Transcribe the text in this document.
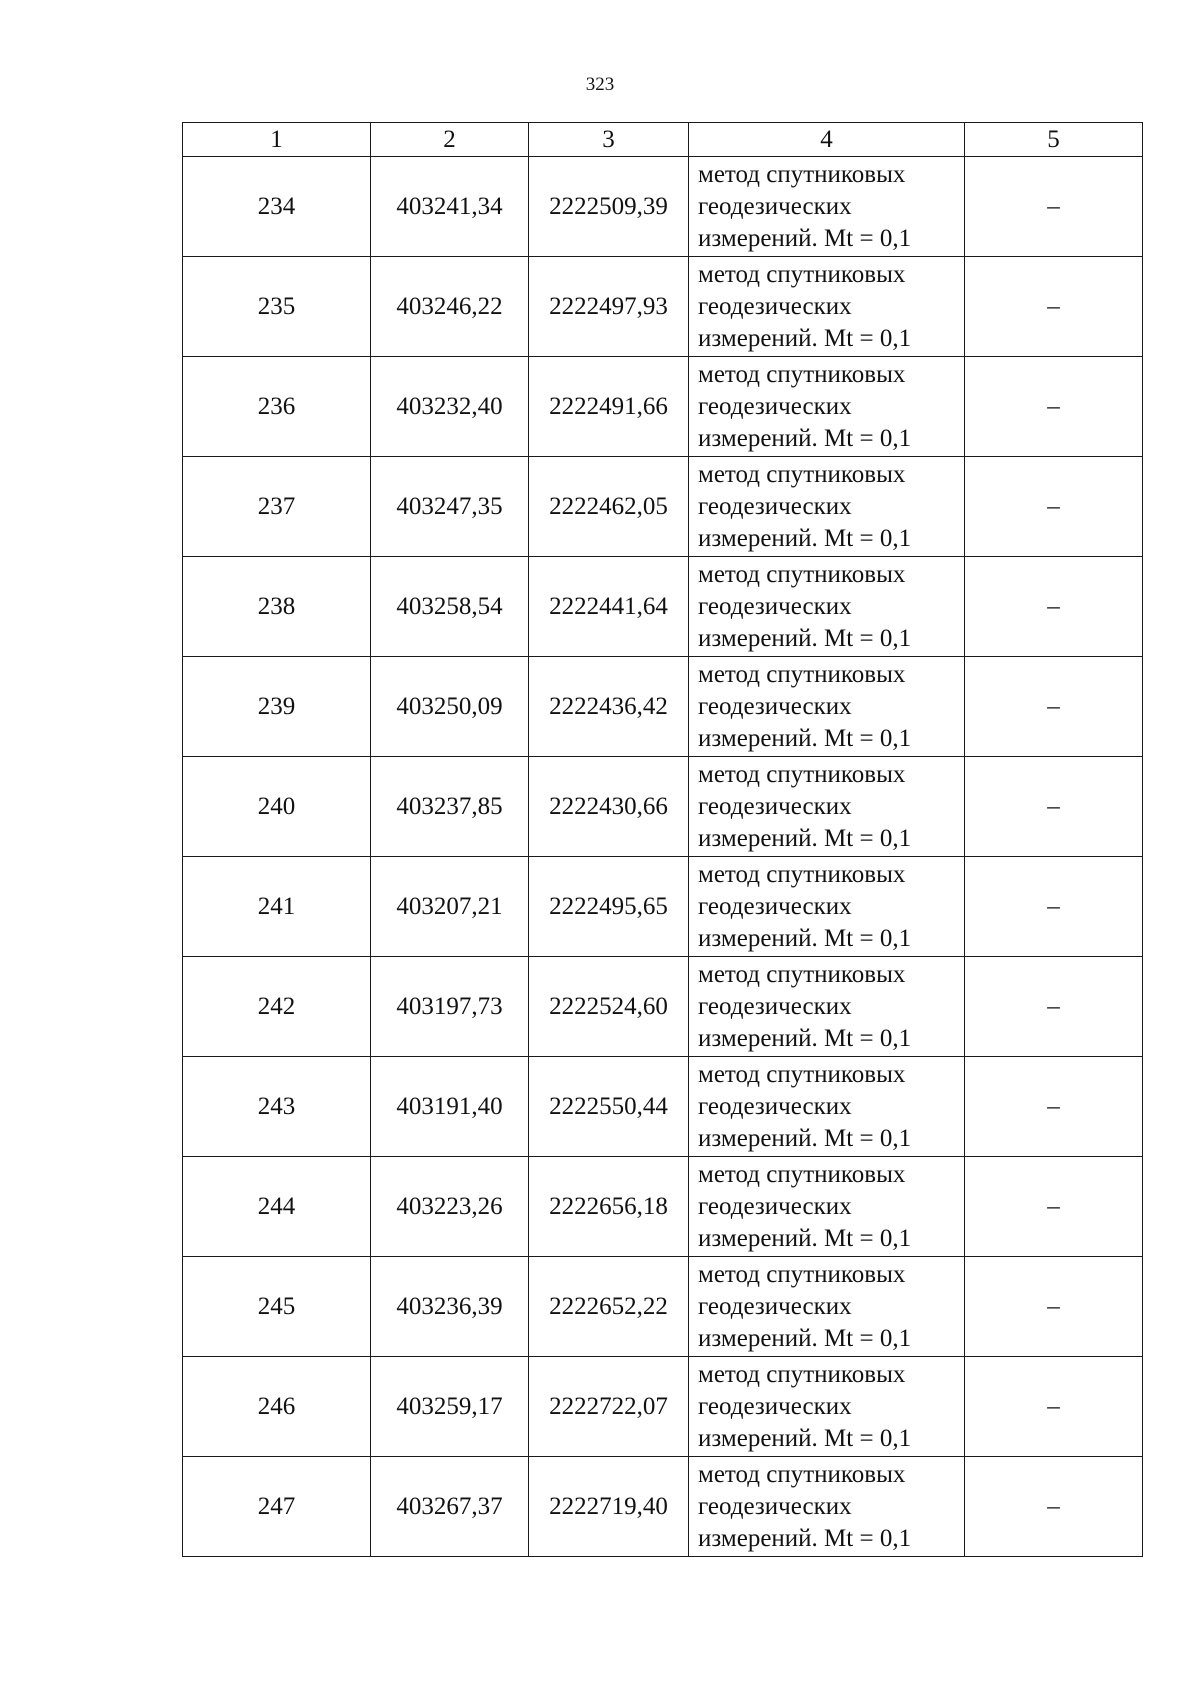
323
1	2	3	4	5
234	403241,34	2222509,39	метод спутниковых
геодезических
измерений. Mt = 0,1	–
235	403246,22	2222497,93	метод спутниковых
геодезических
измерений. Mt = 0,1	–
236	403232,40	2222491,66	метод спутниковых
геодезических
измерений. Mt = 0,1	–
237	403247,35	2222462,05	метод спутниковых
геодезических
измерений. Mt = 0,1	–
238	403258,54	2222441,64	метод спутниковых
геодезических
измерений. Mt = 0,1	–
239	403250,09	2222436,42	метод спутниковых
геодезических
измерений. Mt = 0,1	–
240	403237,85	2222430,66	метод спутниковых
геодезических
измерений. Mt = 0,1	–
241	403207,21	2222495,65	метод спутниковых
геодезических
измерений. Mt = 0,1	–
242	403197,73	2222524,60	метод спутниковых
геодезических
измерений. Mt = 0,1	–
243	403191,40	2222550,44	метод спутниковых
геодезических
измерений. Mt = 0,1	–
244	403223,26	2222656,18	метод спутниковых
геодезических
измерений. Mt = 0,1	–
245	403236,39	2222652,22	метод спутниковых
геодезических
измерений. Mt = 0,1	–
246	403259,17	2222722,07	метод спутниковых
геодезических
измерений. Mt = 0,1	–
247	403267,37	2222719,40	метод спутниковых
геодезических
измерений. Mt = 0,1	–
